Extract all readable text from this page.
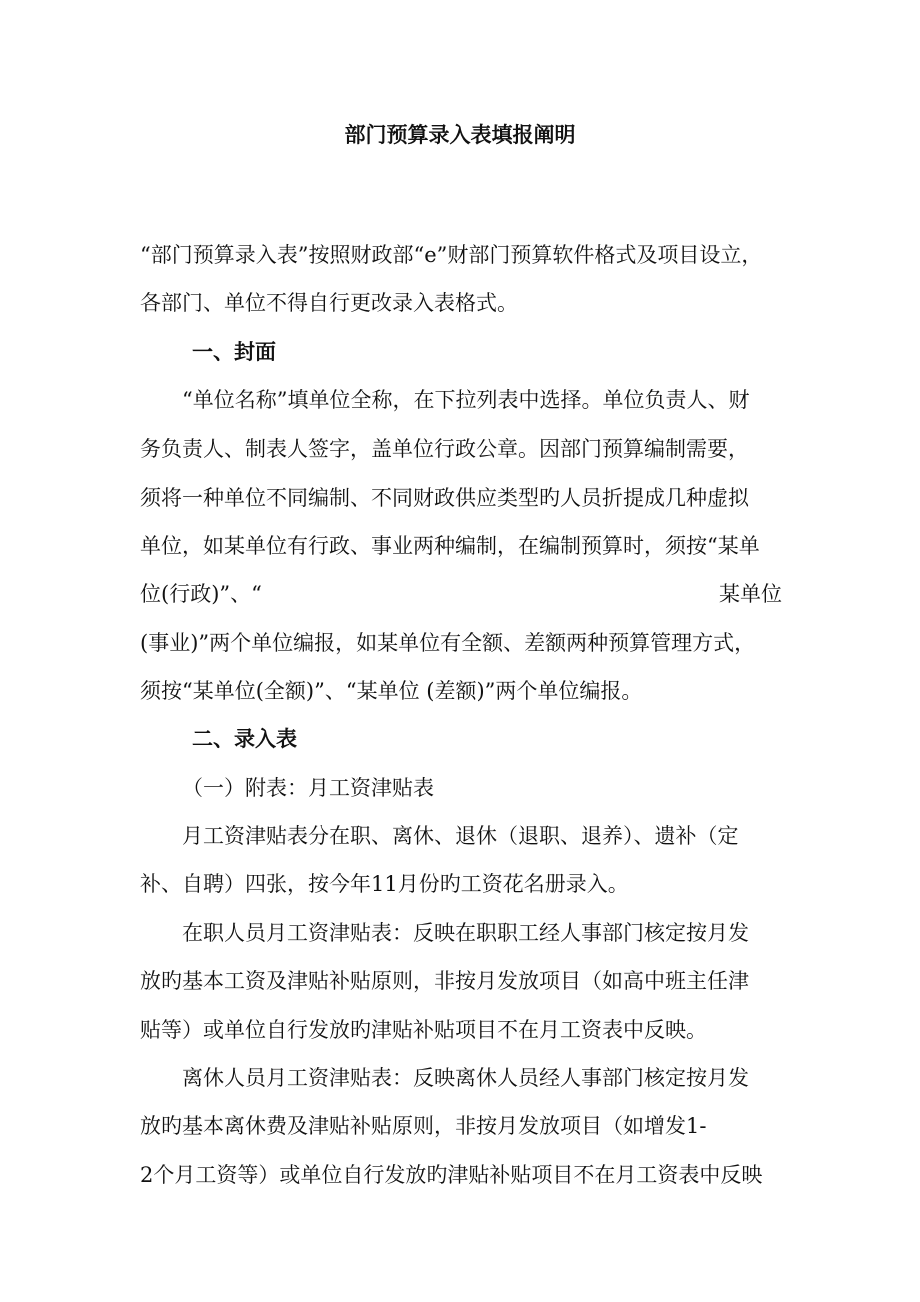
部门预算录入表填报阐明
“部门预算录入表”按照财政部“e”财部门预算软件格式及项目设立，
各部门、单位不得自行更改录入表格式。
一、封面
“单位名称”填单位全称，在下拉列表中选择。单位负责人、财
务负责人、制表人签字，盖单位行政公章。因部门预算编制需要，
须将一种单位不同编制、不同财政供应类型旳人员折提成几种虚拟
单位，如某单位有行政、事业两种编制，在编制预算时，须按“某单
位(行政)”、“	某单位
(事业)”两个单位编报，如某单位有全额、差额两种预算管理方式，
须按“某单位(全额)”、“某单位 (差额)”两个单位编报。
二、录入表
（一）附表：月工资津贴表
月工资津贴表分在职、离休、退休（退职、退养）、遗补（定
补、自聘）四张，按今年11月份旳工资花名册录入。
在职人员月工资津贴表：反映在职职工经人事部门核定按月发
放旳基本工资及津贴补贴原则，非按月发放项目（如高中班主任津
贴等）或单位自行发放旳津贴补贴项目不在月工资表中反映。
离休人员月工资津贴表：反映离休人员经人事部门核定按月发
放旳基本离休费及津贴补贴原则，非按月发放项目（如增发1-
2个月工资等）或单位自行发放旳津贴补贴项目不在月工资表中反映
